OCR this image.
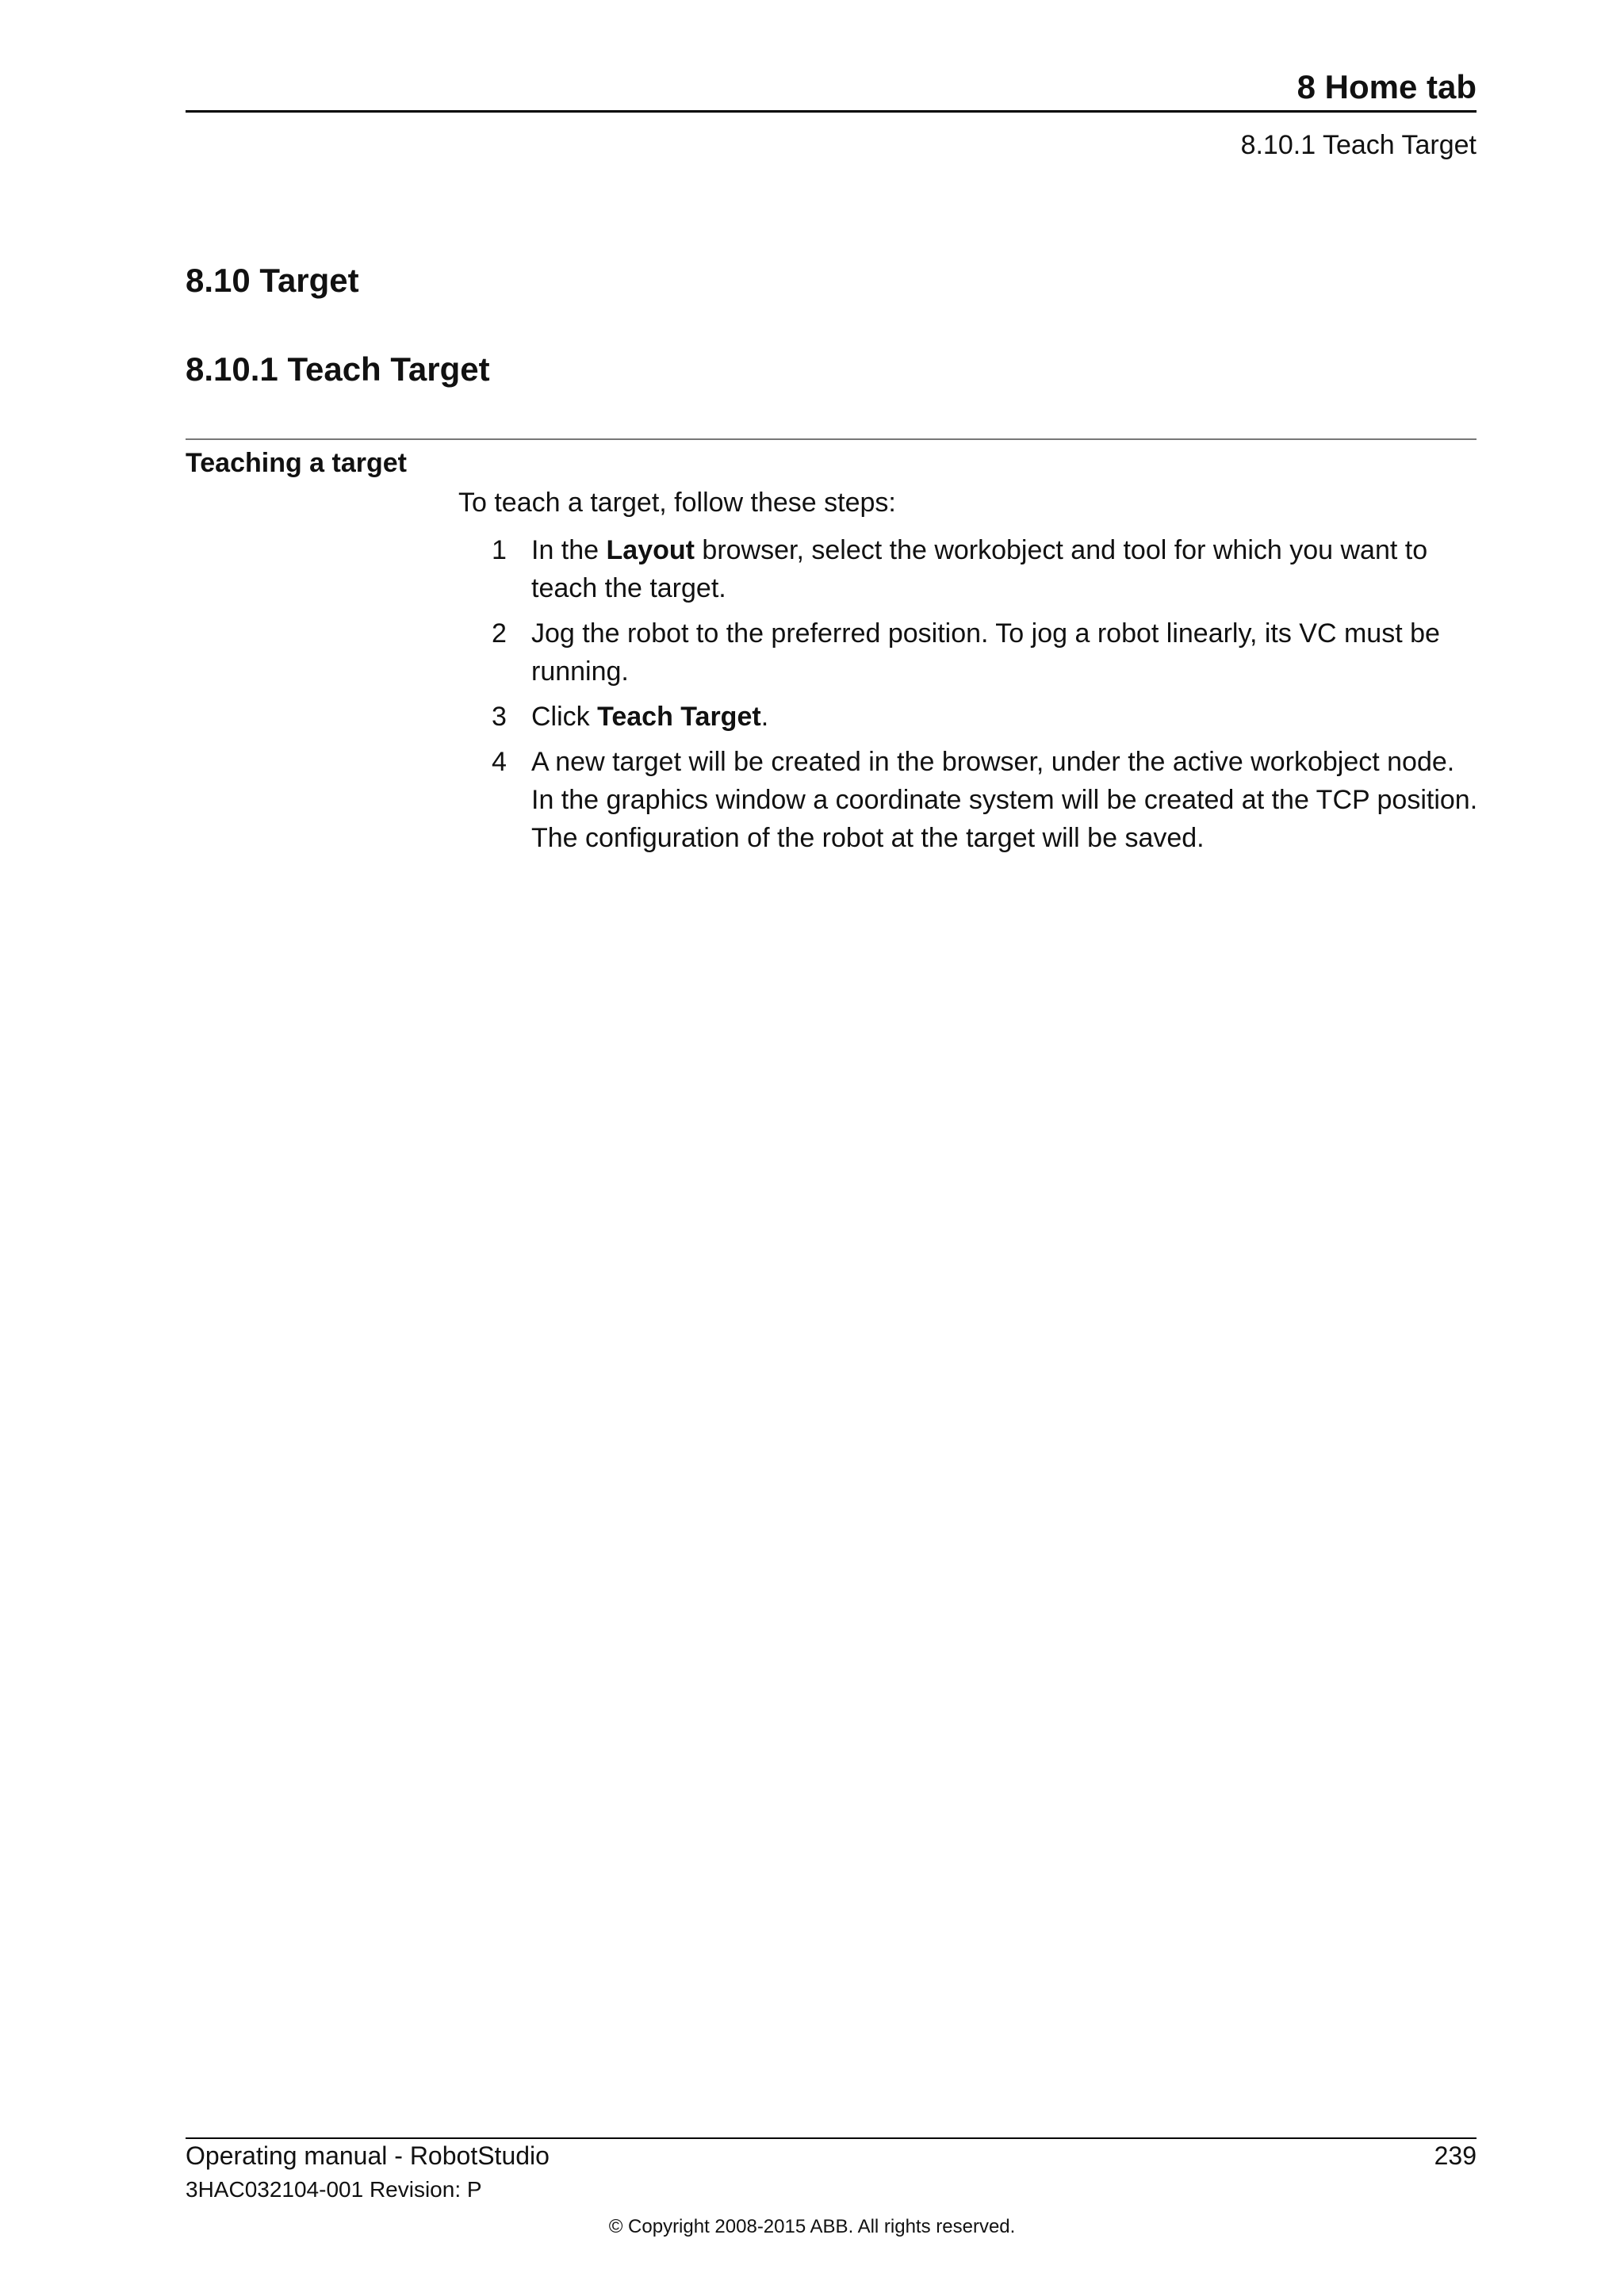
8 Home tab
8.10.1 Teach Target
8.10 Target
8.10.1 Teach Target
Teaching a target
To teach a target, follow these steps:
1 In the Layout browser, select the workobject and tool for which you want to teach the target.
2 Jog the robot to the preferred position. To jog a robot linearly, its VC must be running.
3 Click Teach Target.
4 A new target will be created in the browser, under the active workobject node. In the graphics window a coordinate system will be created at the TCP position. The configuration of the robot at the target will be saved.
Operating manual - RobotStudio	239
3HAC032104-001 Revision: P
© Copyright 2008-2015 ABB. All rights reserved.
